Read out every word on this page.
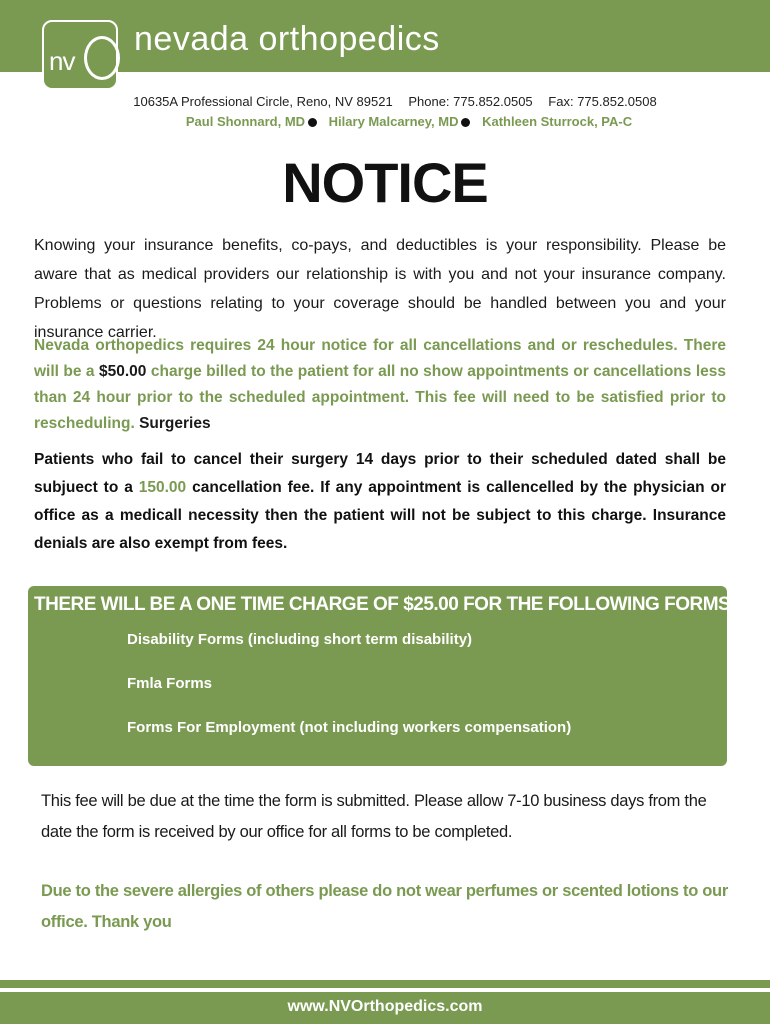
nv
nevada orthopedics
10635A Professional Circle, Reno, NV 89521 Phone: 775.852.0505 Fax: 775.852.0508
Paul Shonnard, MD Hilary Malcarney, MD Kathleen Sturrock, PA-C
NOTICE
Knowing your insurance benefits, co-pays, and deductibles is your responsibility. Please be aware that as medical providers our relationship is with you and not your insurance company. Problems or questions relating to your coverage should be handled between you and your insurance carrier.
Nevada orthopedics requires 24 hour notice for all cancellations and or reschedules. There will be a $50.00 charge billed to the patient for all no show appointments or cancellations less than 24 hour prior to the scheduled appointment. This fee will need to be satisfied prior to rescheduling. Surgeries
Patients who fail to cancel their surgery 14 days prior to their scheduled dated shall be subjuect to a 150.00 cancellation fee. If any appointment is callencelled by the physician or office as a medicall necessity then the patient will not be subject to this charge. Insurance denials are also exempt from fees.
THERE WILL BE A ONE TIME CHARGE OF $25.00 FOR THE FOLLOWING FORMS:
Disability Forms (including short term disability)
Fmla Forms
Forms For Employment (not including workers compensation)
This fee will be due at the time the form is submitted. Please allow 7-10 business days from the date the form is received by our office for all forms to be completed.
Due to the severe allergies of others please do not wear perfumes or scented lotions to our office. Thank you
www.NVOrthopedics.com
